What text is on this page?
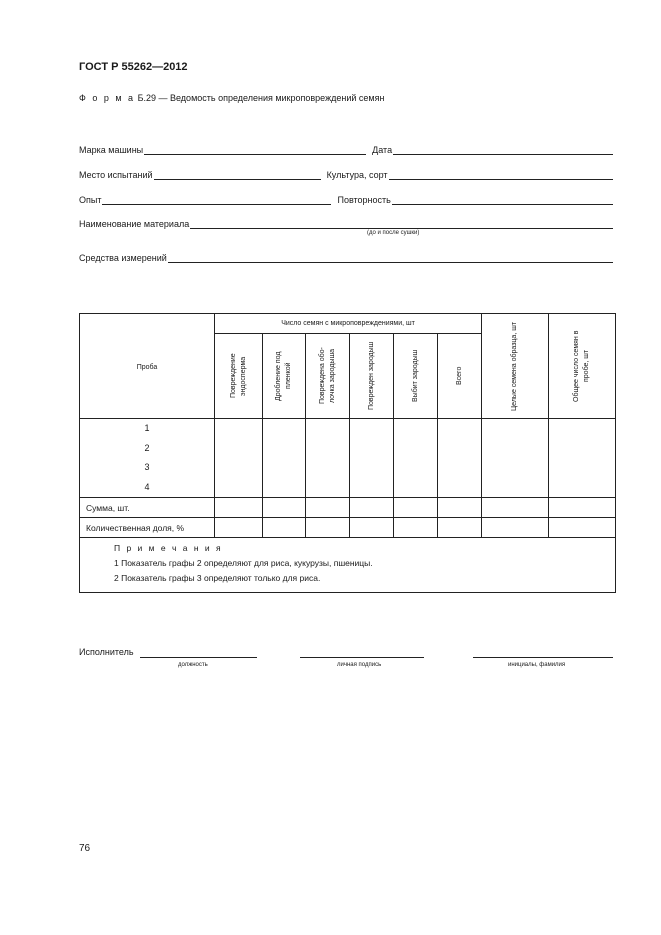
ГОСТ Р 55262—2012
Ф о р м а Б.29 — Ведомость определения микроповреждений семян
Марка машины	Дата
Место испытаний	Культура, сорт
Опыт	Повторность
Наименование материала
(до и после сушки)
Средства измерений
Проба	Число семян с микроповреждениями, шт						Целые семена образца, шт	Общее число семян в пробе, шт

	Повреждение эндосперма	Дробление под пленкой	Повреждена обо-лочка зародыша	Поврежден зародыш	Выбит зародыш	Всего		

1
2
3
4								

Сумма, шт.								
Количественная доля, %								

П р и м е ч а н и я
1 Показатель графы 2 определяют для риса, кукурузы, пшеницы.
2 Показатель графы 3 определяют только для риса.								
Исполнитель
должность	личная подпись	инициалы, фамилия
76
